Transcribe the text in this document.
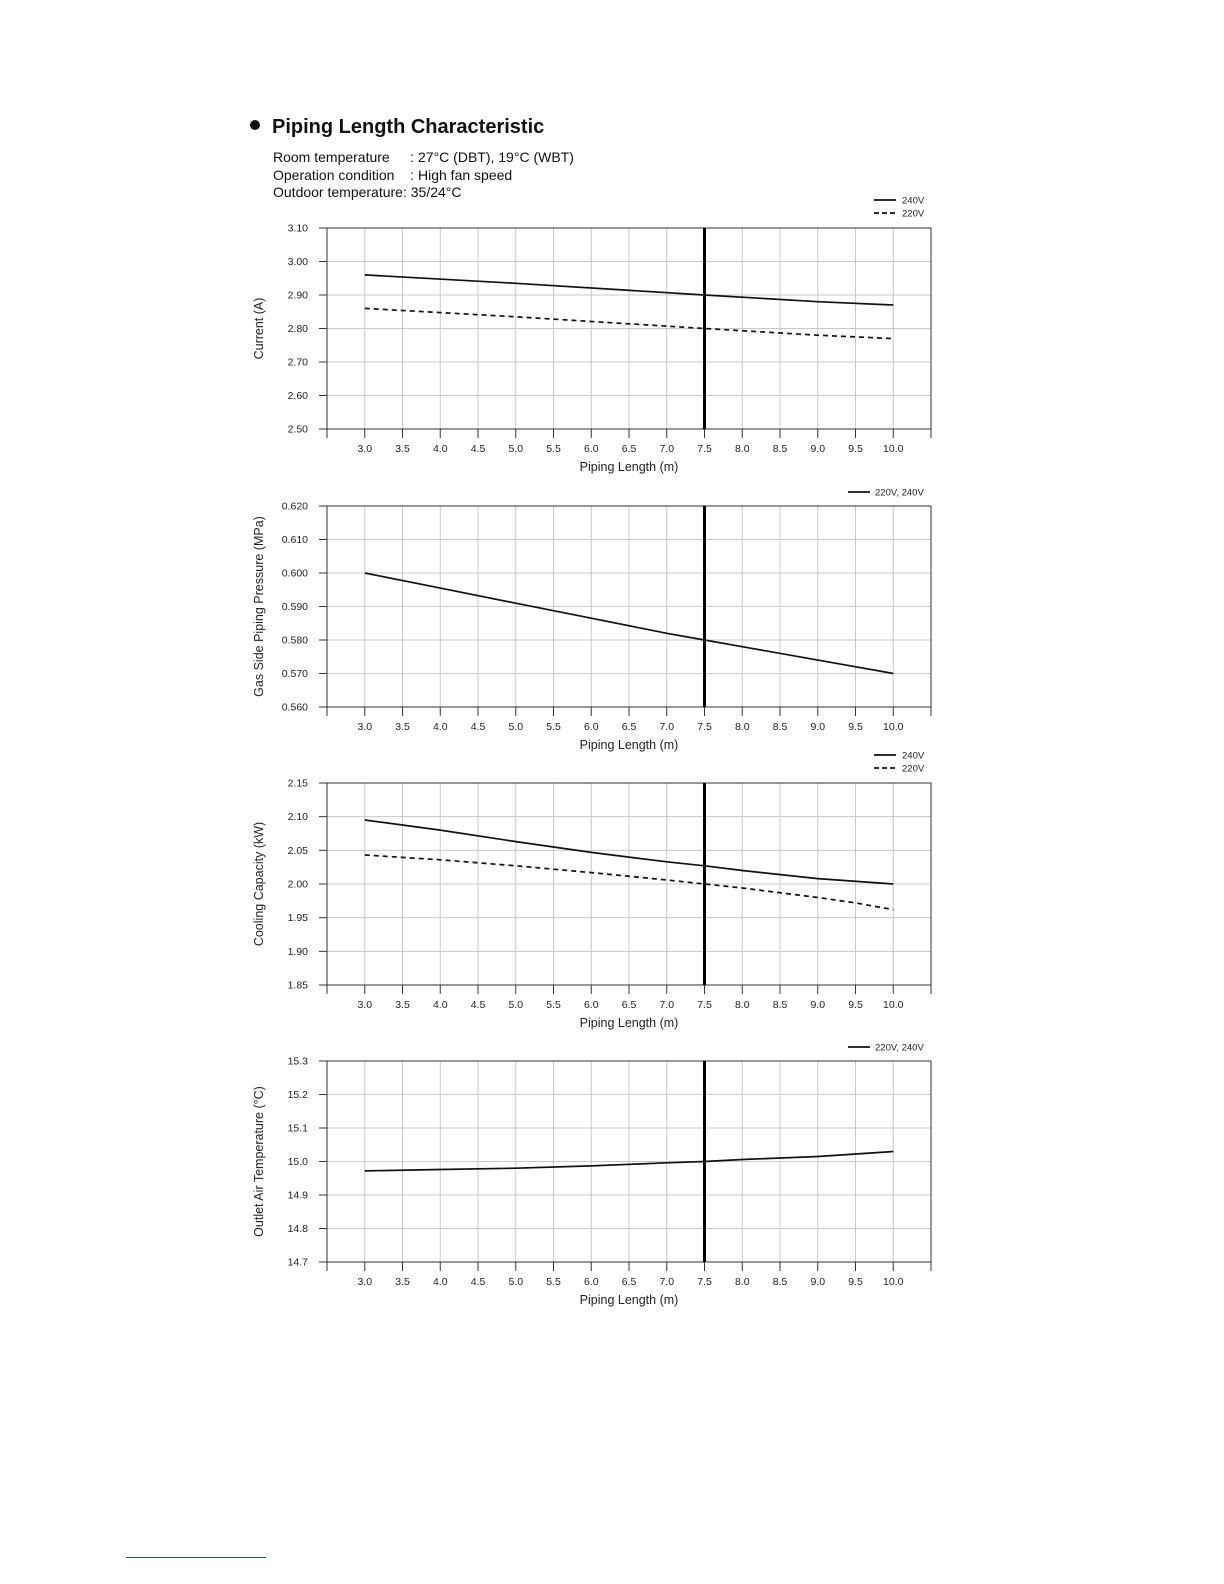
Piping Length Characteristic
Room temperature : 27°C (DBT), 19°C (WBT)
Operation condition : High fan speed
Outdoor temperature: 35/24°C
2.50
2.60
2.70
2.80
2.90
3.00
3.10
3.0 3.5 4.0 4.5 5.0 5.5 6.0 6.5 7.0 7.5 8.0 8.5 9.0 9.5 10.0
Piping Length (m)
Current (A)
240V
220V
0.560
0.570
0.580
0.590
0.600
0.610
0.620
3.0 3.5 4.0 4.5 5.0 5.5 6.0 6.5 7.0 7.5 8.0 8.5 9.0 9.5 10.0
Piping Length (m)
Gas Side Piping Pressure (MPa)
220V, 240V
1.85
1.90
1.95
2.00
2.05
2.10
2.15
3.0 3.5 4.0 4.5 5.0 5.5 6.0 6.5 7.0 7.5 8.0 8.5 9.0 9.5 10.0
Piping Length (m)
Cooling Capacity (kW)
240V
220V
14.7
14.8
14.9
15.0
15.1
15.2
15.3
3.0 3.5 4.0 4.5 5.0 5.5 6.0 6.5 7.0 7.5 8.0 8.5 9.0 9.5 10.0
Piping Length (m)
Outlet Air Temperature (°C)
220V, 240V
